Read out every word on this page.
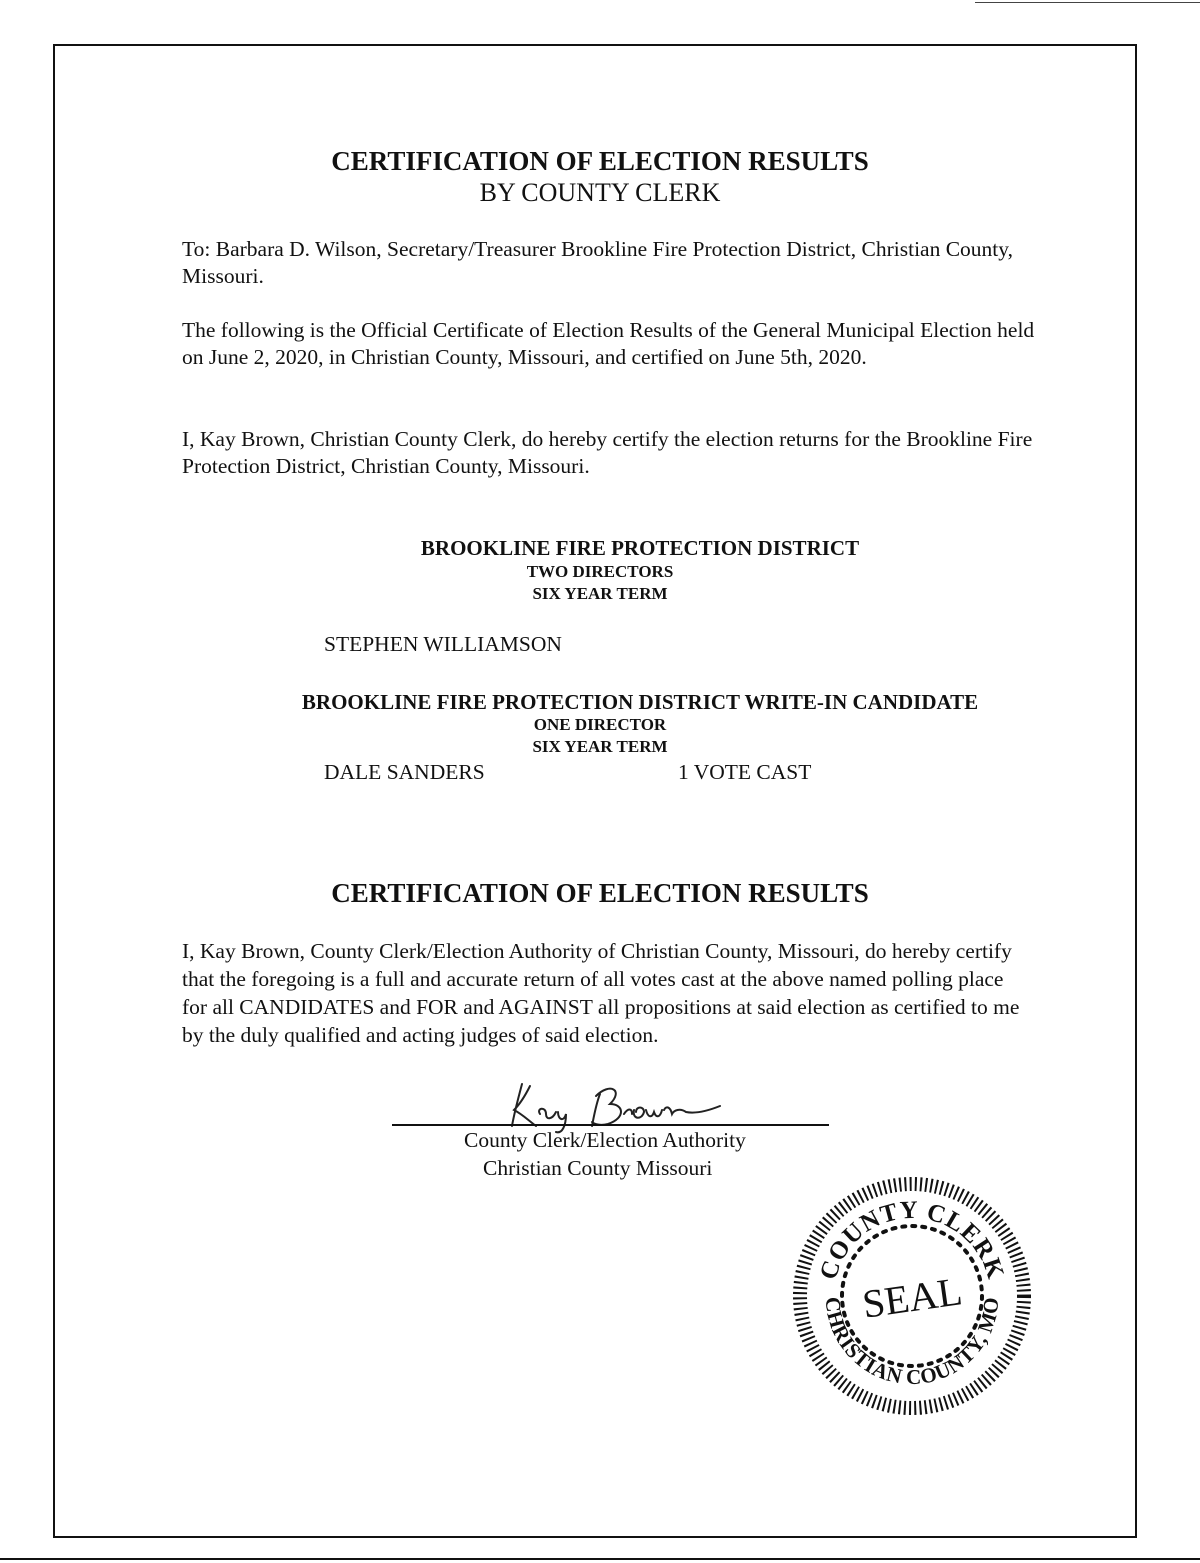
CERTIFICATION OF ELECTION RESULTS
BY COUNTY CLERK
To: Barbara D. Wilson, Secretary/Treasurer Brookline Fire Protection District, Christian County, Missouri.
The following is the Official Certificate of Election Results of the General Municipal Election held on June 2, 2020, in Christian County, Missouri, and certified on June 5th, 2020.
I, Kay Brown, Christian County Clerk, do hereby certify the election returns for the Brookline Fire Protection District, Christian County, Missouri.
BROOKLINE FIRE PROTECTION DISTRICT
TWO DIRECTORS
SIX YEAR TERM
STEPHEN WILLIAMSON
BROOKLINE FIRE PROTECTION DISTRICT WRITE-IN CANDIDATE
ONE DIRECTOR
SIX YEAR TERM
DALE SANDERS	1 VOTE CAST
CERTIFICATION OF ELECTION RESULTS
I, Kay Brown, County Clerk/Election Authority of Christian County, Missouri, do hereby certify that the foregoing is a full and accurate return of all votes cast at the above named polling place for all CANDIDATES and FOR and AGAINST all propositions at said election as certified to me by the duly qualified and acting judges of said election.
County Clerk/Election Authority
Christian County Missouri
COUNTY CLERK
CHRISTIAN COUNTY, MO
SEAL
